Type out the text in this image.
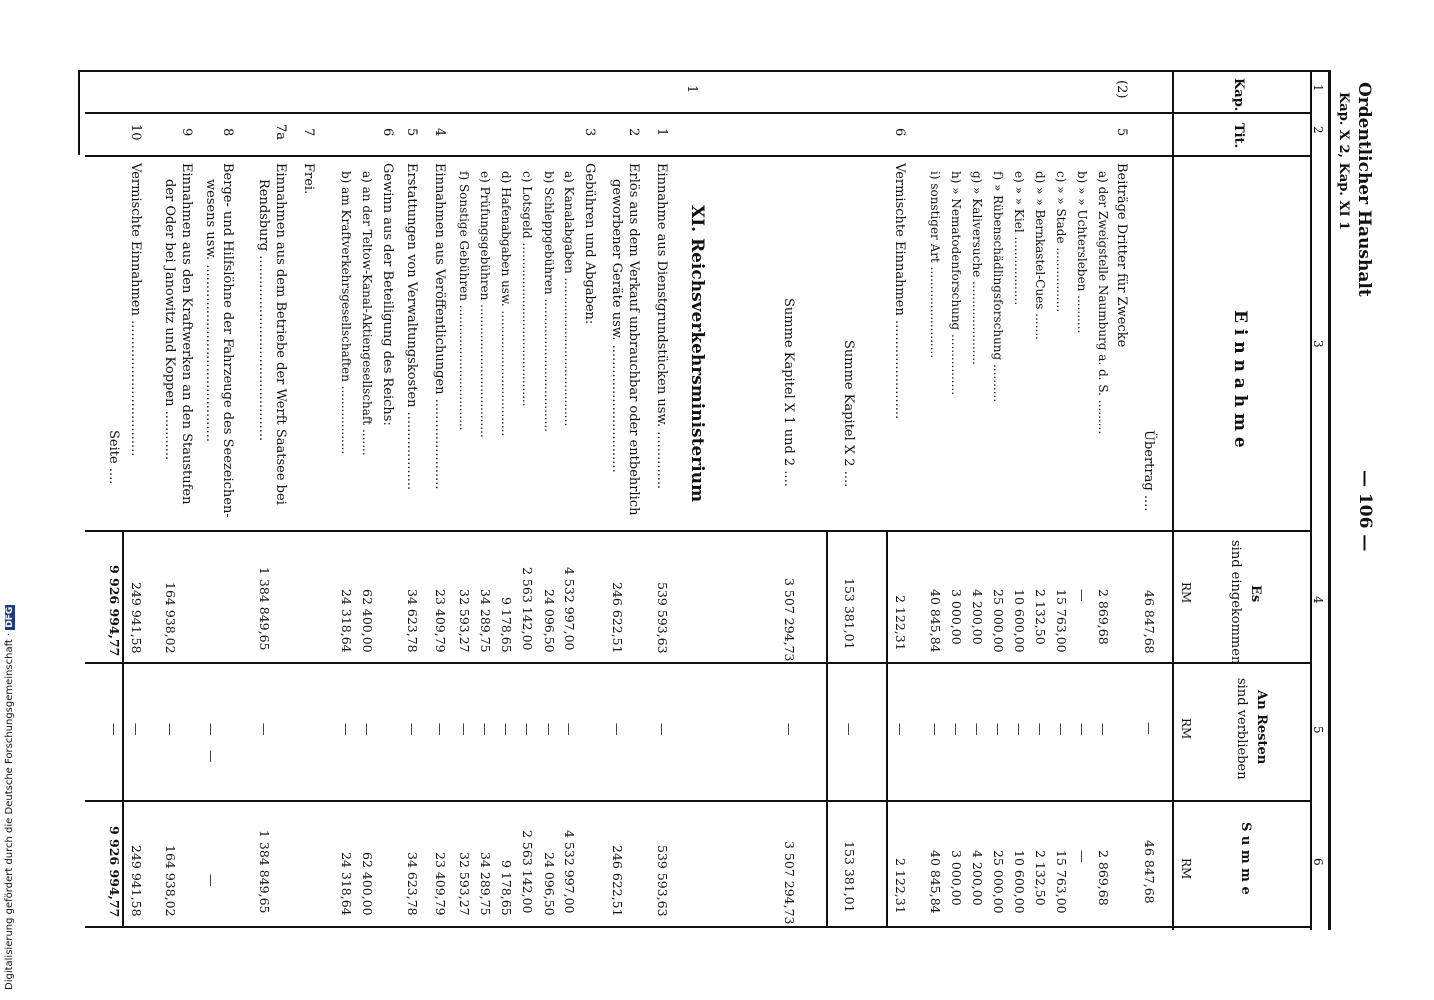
Ordentlicher Haushalt
Kap. X 2, Kap. XI 1
— 106 —
1
2
3
4
5
6
Kap.
Tit.
E i n n a h m e
Es
sind eingekommen
An Resten
sind verblieben
S u m m e
RM
RM
RM
Übertrag ....
46 847,68
—
46 847,68
(2)
5
Beiträge Dritter für Zwecke
a) der Zweigstelle Naumburg a. d. S. .........
2 869,68
—
2 869,68
b) » » Uchtersleben ..........
—
—
—
c) » » Stade .................
15 763,00
—
15 763,00
d) » » Bernkastel-Cues .......
2 132,50
—
2 132,50
e) » » Kiel ..................
10 600,00
—
10 600,00
f) » Rübenschädlingsforschung ..........
25 000,00
—
25 000,00
g) » Kaliversuche ......................
4 200,00
—
4 200,00
h) » Nematodenforschung ................
3 000,00
—
3 000,00
i) sonstiger Art ........................
40 845,84
—
40 845,84
6
Vermischte Einnahmen ........................
2 122,31
—
2 122,31
Summe Kapitel X 2 ....
153 381,01
—
153 381,01
Summe Kapitel X 1 und 2 ....
3 507 294,73
—
3 507 294,73
1
XI. Reichsverkehrsministerium
1
Einnahme aus Dienstgrundstücken usw. ..............
539 593,63
—
539 593,63
2
Erlös aus dem Verkauf unbrauchbar oder entbehrlich
geworbener Geräte usw. ...............................
246 622,51
—
246 622,51
3
Gebühren und Abgaben:
a) Kanalabgaben .......................................
4 532 997,00
—
4 532 997,00
b) Schleppgebühren ...................................
24 096,50
—
24 096,50
c) Lotsgeld ...........................................
2 563 142,00
—
2 563 142,00
d) Hafenabgaben usw. .................................
9 178,65
—
9 178,65
e) Prüfungsgebühren ...................................
34 289,75
—
34 289,75
f) Sonstige Gebühren .................................
32 593,27
—
32 593,27
4
Einnahmen aus Veröffentlichungen ......................
23 409,79
—
23 409,79
5
Erstattungen von Verwaltungskosten ...................
34 623,78
—
34 623,78
6
Gewinn aus der Beteiligung des Reichs:
a) an der Teltow-Kanal-Aktiengesellschaft .......
62 400,00
—
62 400,00
b) am Kraftverkehrsgesellschaften ..................
24 318,64
—
24 318,64
7
Frei.
7a
Einnahmen aus dem Betriebe der Werft Saatsee bei
Rendsburg .............................................
1 384 849,65
—
1 384 849,65
8
Berge- und Hilfslöhne der Fahrzeuge des Seezeichen-
wesens usw. ...........................................
—
—
—
9
Einnahmen aus den Kraftwerken an den Staustufen
der Oder bei Janowitz und Koppen ............
164 938,02
—
164 938,02
10
Vermischte Einnahmen .................................
249 941,58
—
249 941,58
Seite ....
9 926 994,77
—
9 926 994,77
Digitalisierung gefördert durch die Deutsche Forschungsgemeinschaft ·DFG
